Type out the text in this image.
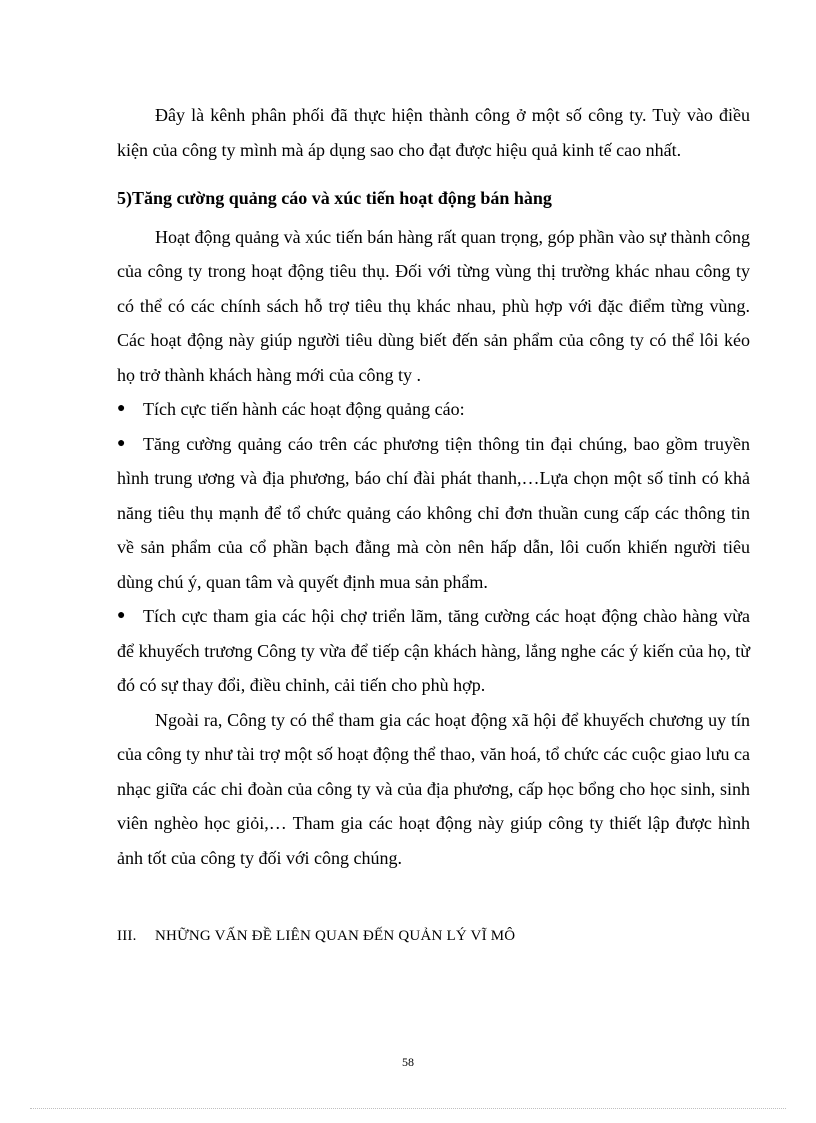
Đây là kênh phân phối đã thực hiện thành công ở một số công ty. Tuỳ vào điều kiện của công ty mình mà áp dụng sao cho đạt được hiệu quả kinh tế cao nhất.

5)Tăng cường quảng cáo và xúc tiến hoạt động bán hàng

Hoạt động quảng và xúc tiến bán hàng rất quan trọng, góp phần vào sự thành công của công ty trong hoạt động tiêu thụ. Đối với từng vùng thị trường khác nhau công ty có thể có các chính sách hỗ trợ tiêu thụ khác nhau, phù hợp với đặc điểm từng vùng. Các hoạt động này giúp người tiêu dùng biết đến sản phẩm của công ty có thể lôi kéo họ trở thành khách hàng mới của công ty .

● Tích cực tiến hành các hoạt động quảng cáo:

● Tăng cường quảng cáo trên các phương tiện thông tin đại chúng, bao gồm truyền hình trung ương và địa phương, báo chí đài phát thanh,…Lựa chọn một số tỉnh có khả năng tiêu thụ mạnh để tổ chức quảng cáo không chỉ đơn thuần cung cấp các thông tin về sản phẩm của cổ phần bạch đằng mà còn nên hấp dẫn, lôi cuốn khiến người tiêu dùng chú ý, quan tâm và quyết định mua sản phẩm.

● Tích cực tham gia các hội chợ triển lãm, tăng cường các hoạt động chào hàng vừa để khuyếch trương Công ty vừa để tiếp cận khách hàng, lắng nghe các ý kiến của họ, từ đó có sự thay đổi, điều chỉnh, cải tiến cho phù hợp.

Ngoài ra, Công ty có thể tham gia các hoạt động xã hội để khuyếch chương uy tín của công ty như tài trợ một số hoạt động thể thao, văn hoá, tổ chức các cuộc giao lưu ca nhạc giữa các chi đoàn của công ty và của địa phương, cấp học bổng cho học sinh, sinh viên nghèo học giỏi,… Tham gia các hoạt động này giúp công ty thiết lập được hình ảnh tốt của công ty đối với công chúng.

III. NHỮNG VẤN ĐỀ LIÊN QUAN ĐẾN QUẢN LÝ VĨ MÔ
58
